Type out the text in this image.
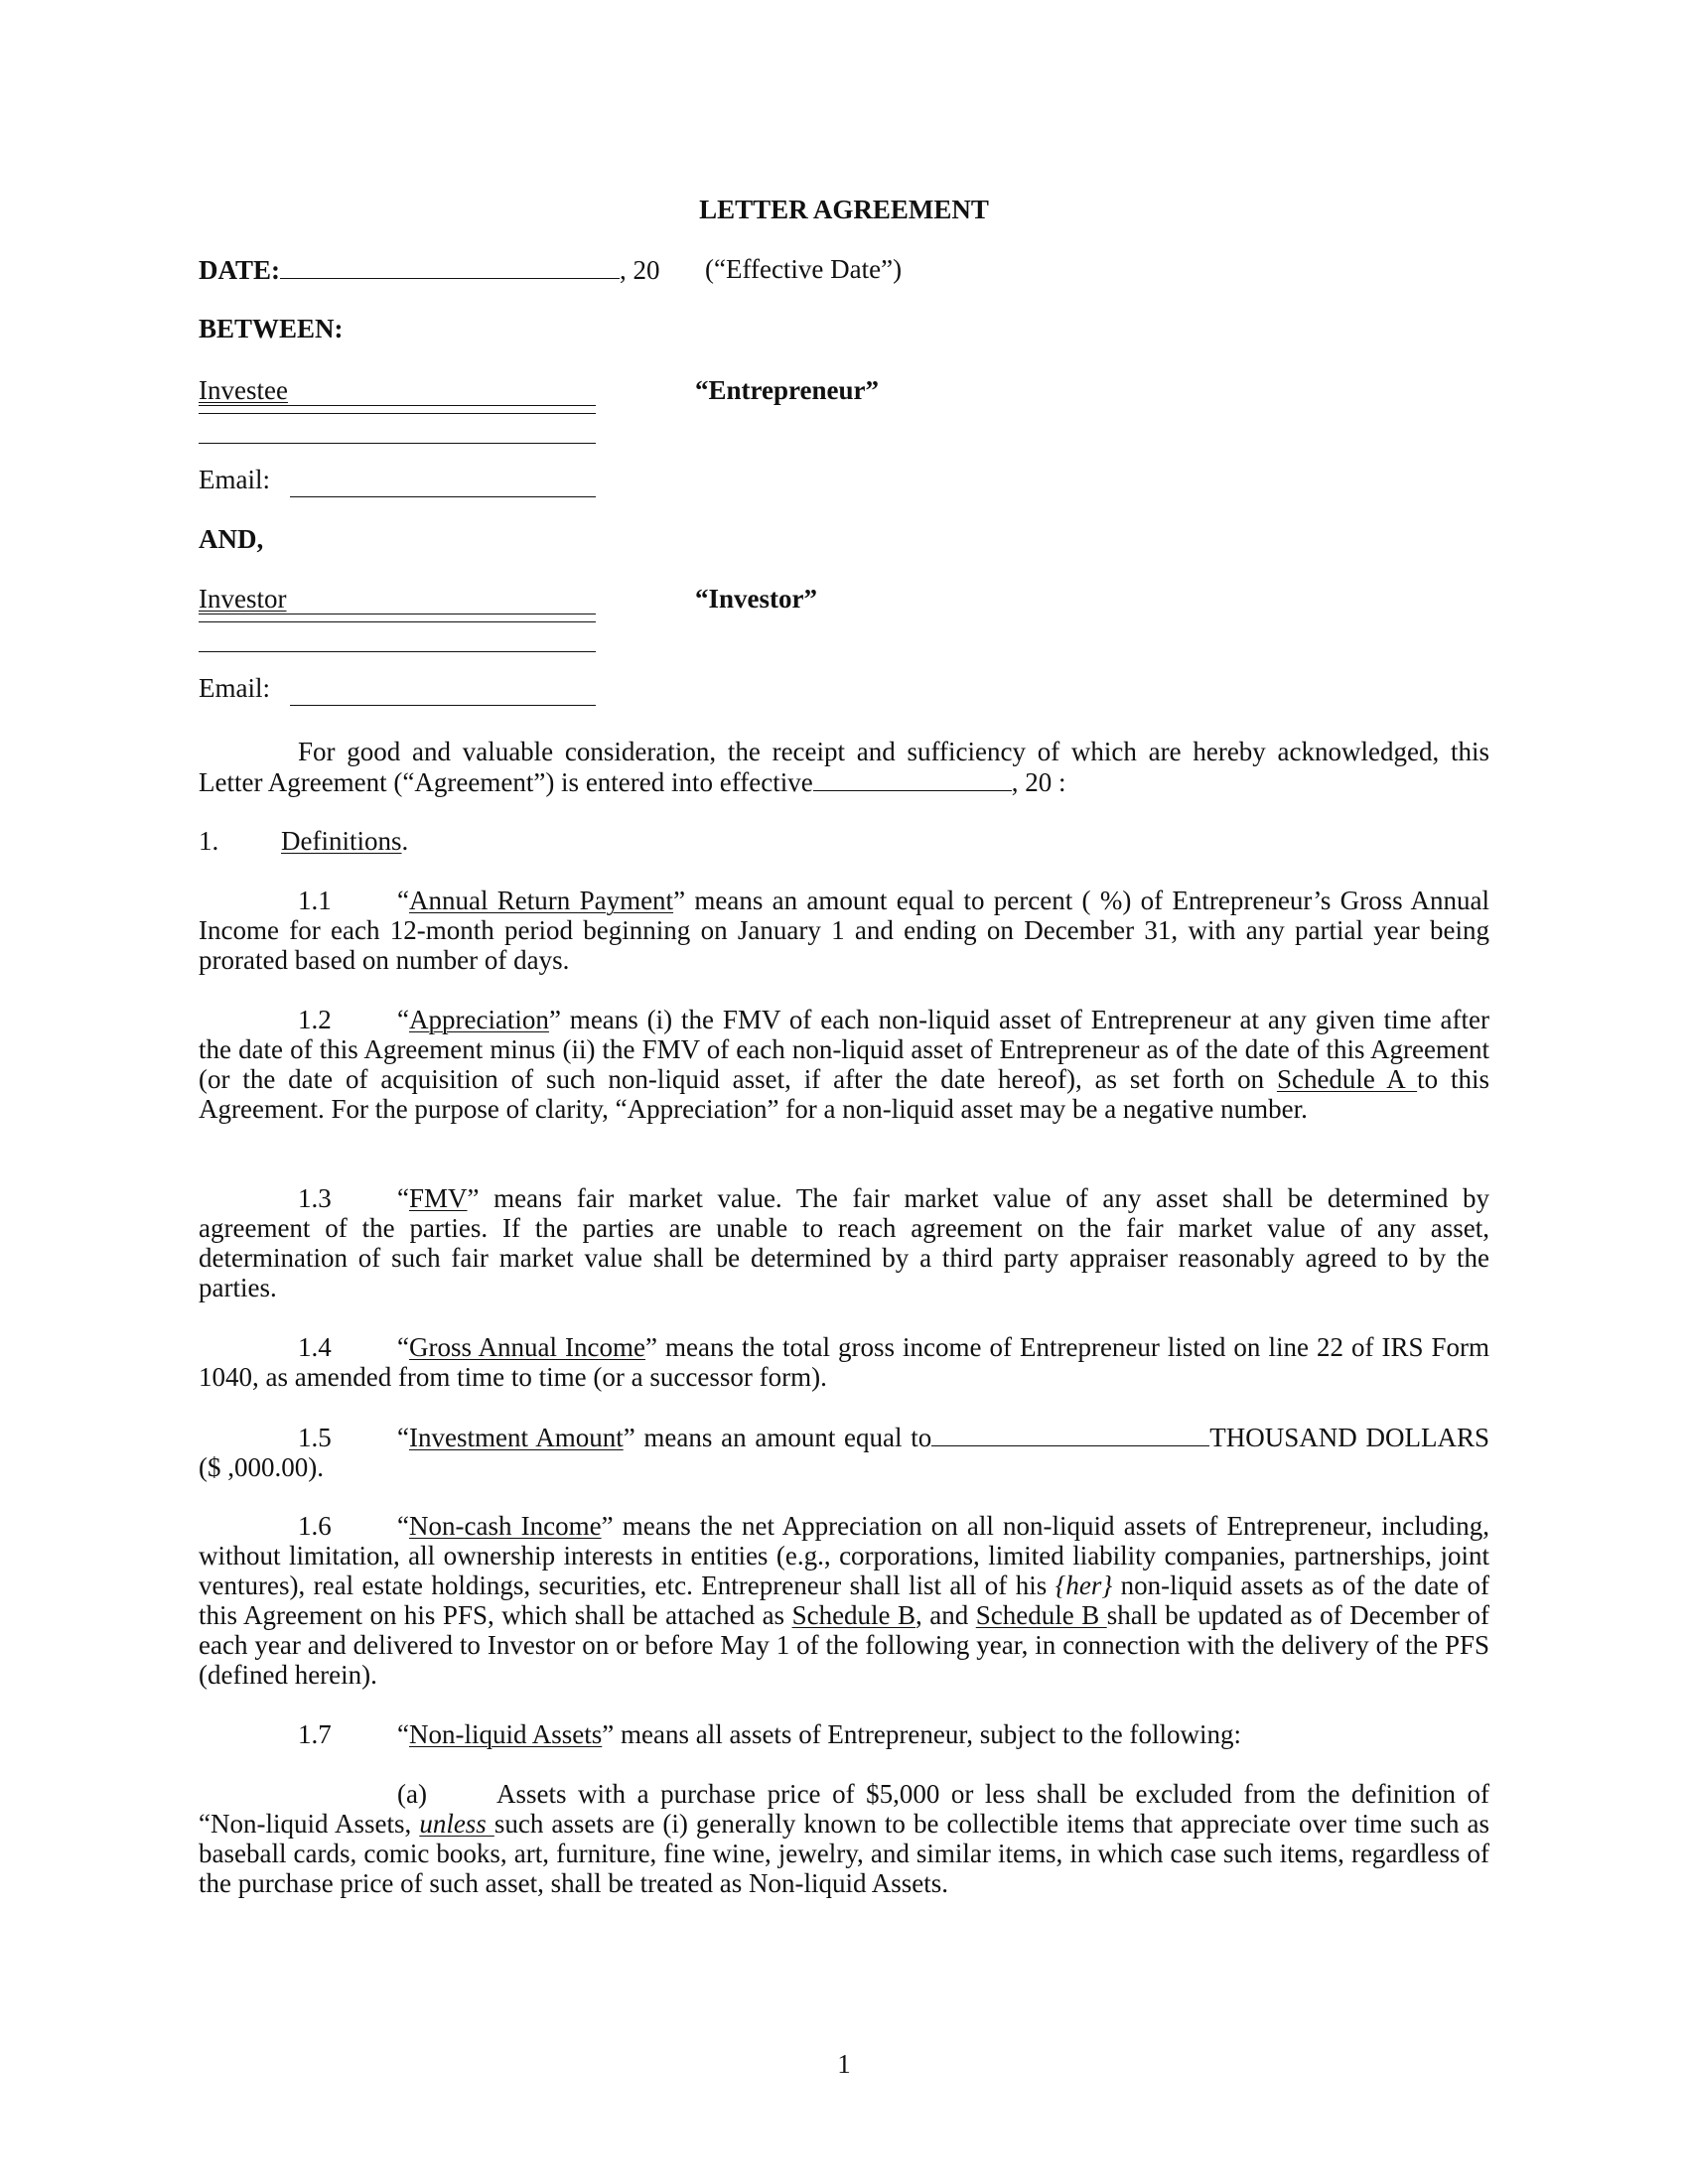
LETTER AGREEMENT
DATE:	, 20 (“Effective Date”)
BETWEEN:
Investee	“Entrepreneur”
Email:
AND,
Investor	“Investor”
Email:
For good and valuable consideration, the receipt and sufficiency of which are hereby acknowledged, this Letter Agreement (“Agreement”) is entered into effective	, 20 :
1. Definitions.
1.1 “Annual Return Payment” means an amount equal to percent ( %) of Entrepreneur’s Gross Annual Income for each 12-month period beginning on January 1 and ending on December 31, with any partial year being prorated based on number of days.
1.2 “Appreciation” means (i) the FMV of each non-liquid asset of Entrepreneur at any given time after the date of this Agreement minus (ii) the FMV of each non-liquid asset of Entrepreneur as of the date of this Agreement (or the date of acquisition of such non-liquid asset, if after the date hereof), as set forth on Schedule A to this Agreement. For the purpose of clarity, “Appreciation” for a non-liquid asset may be a negative number.
1.3 “FMV” means fair market value. The fair market value of any asset shall be determined by agreement of the parties. If the parties are unable to reach agreement on the fair market value of any asset, determination of such fair market value shall be determined by a third party appraiser reasonably agreed to by the parties.
1.4 “Gross Annual Income” means the total gross income of Entrepreneur listed on line 22 of IRS Form 1040, as amended from time to time (or a successor form).
1.5 “Investment Amount” means an amount equal to	THOUSAND DOLLARS ($ ,000.00).
1.6 “Non-cash Income” means the net Appreciation on all non-liquid assets of Entrepreneur, including, without limitation, all ownership interests in entities (e.g., corporations, limited liability companies, partnerships, joint ventures), real estate holdings, securities, etc. Entrepreneur shall list all of his {her} non-liquid assets as of the date of this Agreement on his PFS, which shall be attached as Schedule B, and Schedule B shall be updated as of December of each year and delivered to Investor on or before May 1 of the following year, in connection with the delivery of the PFS (defined herein).
1.7 “Non-liquid Assets” means all assets of Entrepreneur, subject to the following:
(a)	Assets with a purchase price of $5,000 or less shall be excluded from the definition of “Non-liquid Assets, unless such assets are (i) generally known to be collectible items that appreciate over time such as baseball cards, comic books, art, furniture, fine wine, jewelry, and similar items, in which case such items, regardless of the purchase price of such asset, shall be treated as Non-liquid Assets.
1
